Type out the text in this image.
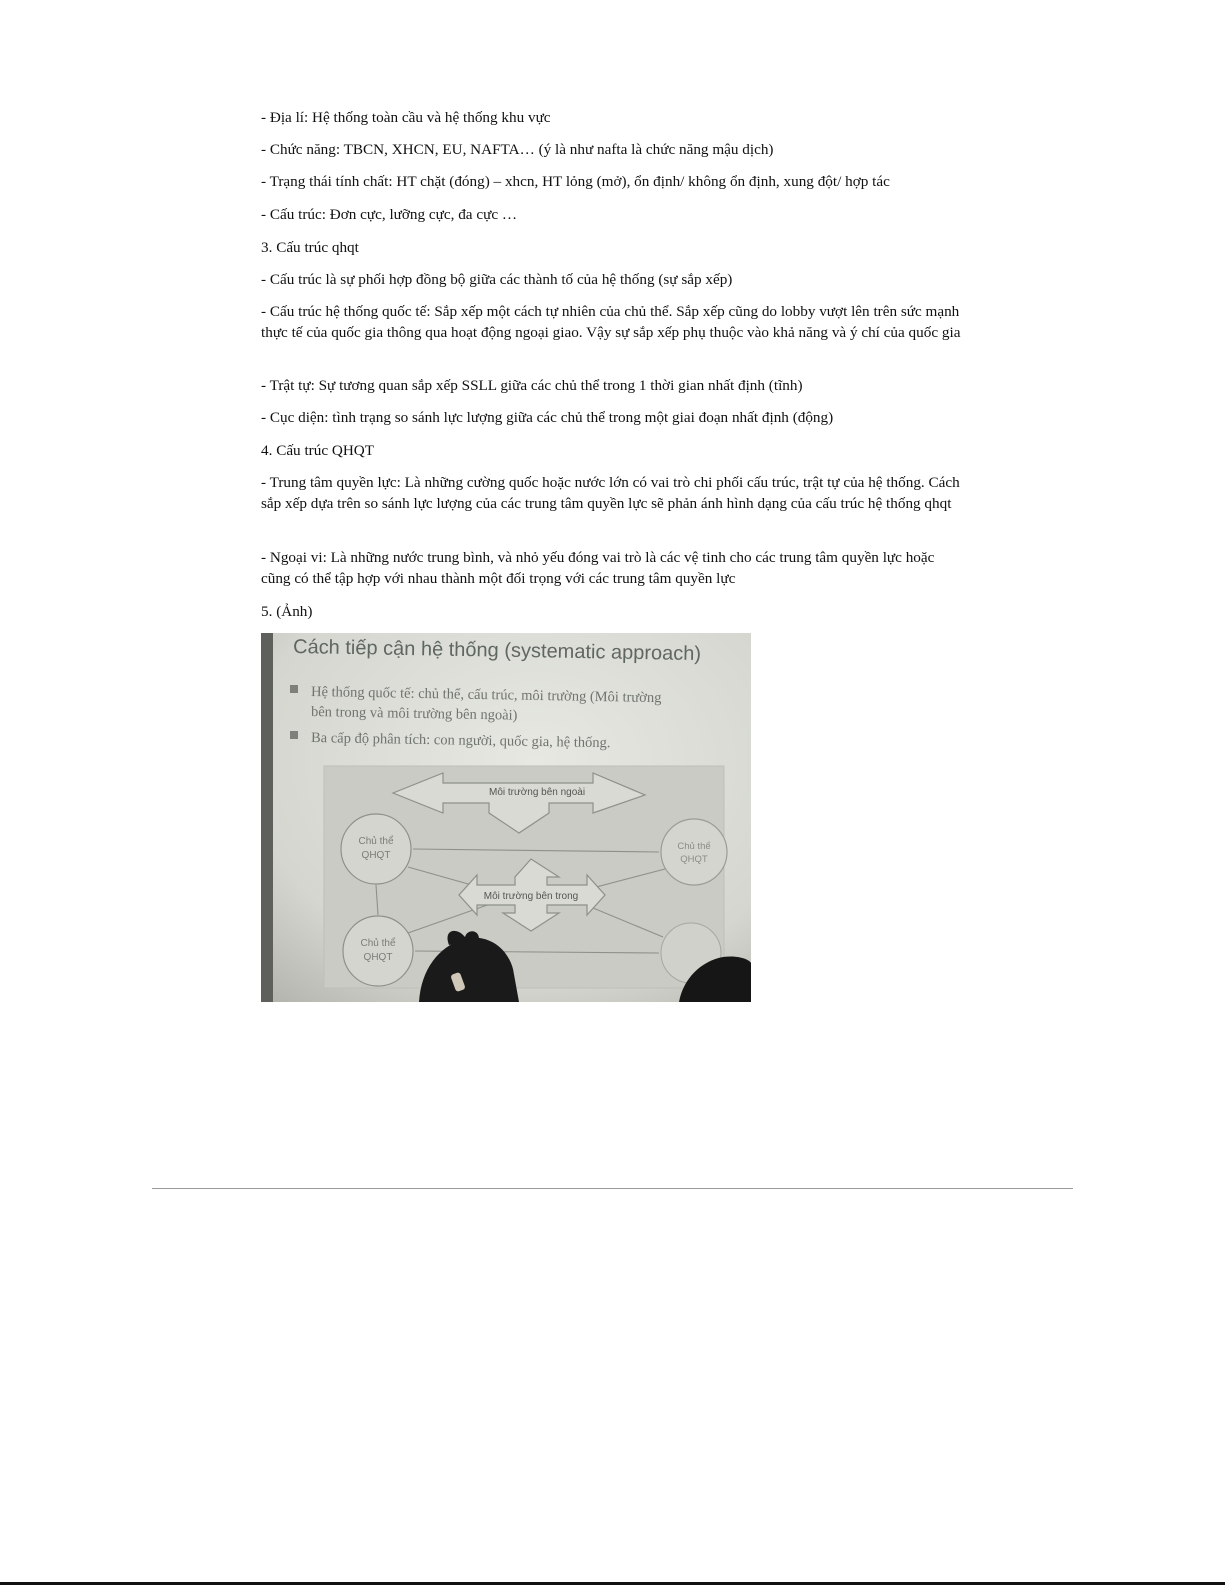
- Địa lí: Hệ thống toàn cầu và hệ thống khu vực

- Chức năng: TBCN, XHCN, EU, NAFTA… (ý là như nafta là chức năng mậu dịch)

- Trạng thái tính chất: HT chặt (đóng) – xhcn, HT lỏng (mở), ổn định/ không ổn định, xung đột/ hợp tác

- Cấu trúc: Đơn cực, lưỡng cực, đa cực …

3. Cấu trúc qhqt

- Cấu trúc là sự phối hợp đồng bộ giữa các thành tố của hệ thống (sự sắp xếp)

- Cấu trúc hệ thống quốc tế: Sắp xếp một cách tự nhiên của chủ thể. Sắp xếp cũng do lobby vượt lên trên sức mạnh thực tế của quốc gia thông qua hoạt động ngoại giao. Vậy sự sắp xếp phụ thuộc vào khả năng và ý chí của quốc gia

- Trật tự: Sự tương quan sắp xếp SSLL giữa các chủ thể trong 1 thời gian nhất định (tĩnh)

- Cục diện: tình trạng so sánh lực lượng giữa các chủ thể trong một giai đoạn nhất định (động)

4. Cấu trúc QHQT

- Trung tâm quyền lực: Là những cường quốc hoặc nước lớn có vai trò chi phối cấu trúc, trật tự của hệ thống. Cách sắp xếp dựa trên so sánh lực lượng của các trung tâm quyền lực sẽ phản ánh hình dạng của cấu trúc hệ thống qhqt

- Ngoại vi: Là những nước trung bình, và nhỏ yếu đóng vai trò là các vệ tinh cho các trung tâm quyền lực hoặc cũng có thể tập hợp với nhau thành một đối trọng với các trung tâm quyền lực

5. (Ảnh)

Cách tiếp cận hệ thống (systematic approach)
Hệ thống quốc tế: chủ thể, cấu trúc, môi trường (Môi trường
bên trong và môi trường bên ngoài)
Ba cấp độ phân tích: con người, quốc gia, hệ thống.
Môi trường bên ngoài
Chủ thể
QHQT
Chủ thể
QHQT
Chủ thể
QHQT
Môi trường bên trong
